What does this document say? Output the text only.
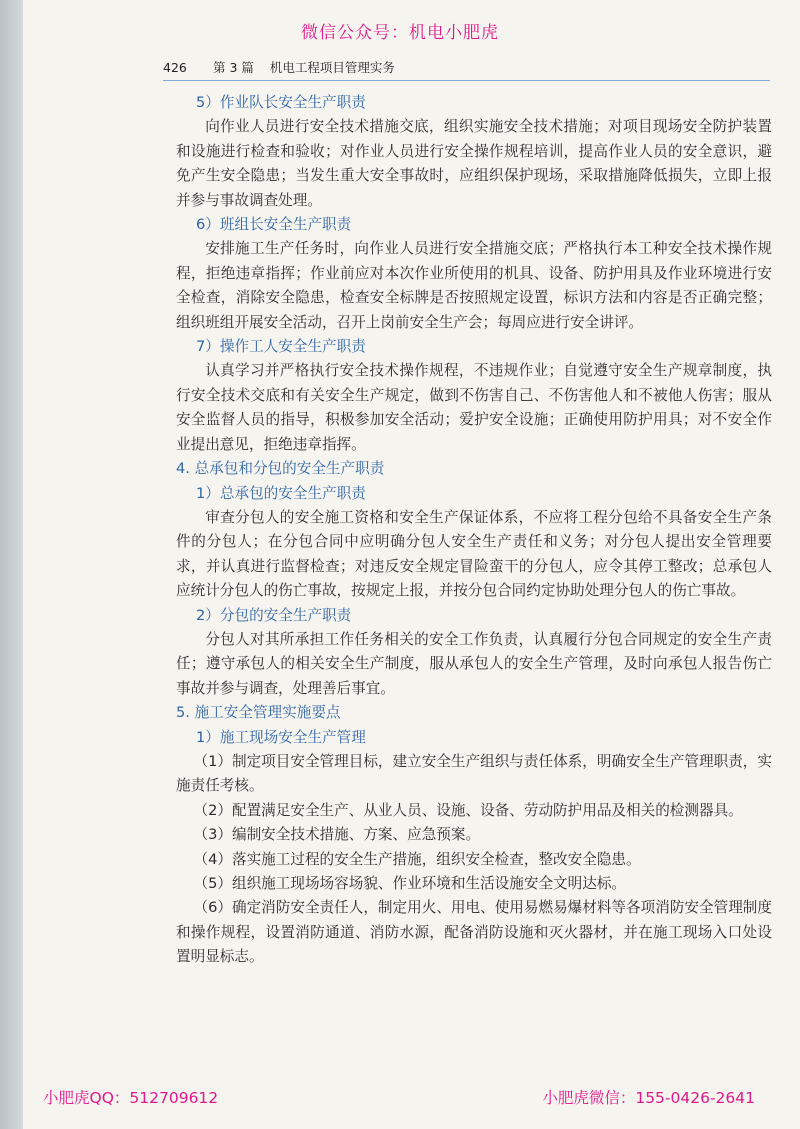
微信公众号：机电小肥虎
426 第 3 篇 机电工程项目管理实务
5）作业队长安全生产职责
向作业人员进行安全技术措施交底，组织实施安全技术措施；对项目现场安全防护装置和设施进行检查和验收；对作业人员进行安全操作规程培训，提高作业人员的安全意识，避免产生安全隐患；当发生重大安全事故时，应组织保护现场，采取措施降低损失，立即上报并参与事故调查处理。
6）班组长安全生产职责
安排施工生产任务时，向作业人员进行安全措施交底；严格执行本工种安全技术操作规程，拒绝违章指挥；作业前应对本次作业所使用的机具、设备、防护用具及作业环境进行安全检查，消除安全隐患，检查安全标牌是否按照规定设置，标识方法和内容是否正确完整；组织班组开展安全活动，召开上岗前安全生产会；每周应进行安全讲评。
7）操作工人安全生产职责
认真学习并严格执行安全技术操作规程，不违规作业；自觉遵守安全生产规章制度，执行安全技术交底和有关安全生产规定，做到不伤害自己、不伤害他人和不被他人伤害；服从安全监督人员的指导，积极参加安全活动；爱护安全设施；正确使用防护用具；对不安全作业提出意见，拒绝违章指挥。
4. 总承包和分包的安全生产职责
1）总承包的安全生产职责
审查分包人的安全施工资格和安全生产保证体系，不应将工程分包给不具备安全生产条件的分包人；在分包合同中应明确分包人安全生产责任和义务；对分包人提出安全管理要求，并认真进行监督检查；对违反安全规定冒险蛮干的分包人，应令其停工整改；总承包人应统计分包人的伤亡事故，按规定上报，并按分包合同约定协助处理分包人的伤亡事故。
2）分包的安全生产职责
分包人对其所承担工作任务相关的安全工作负责，认真履行分包合同规定的安全生产责任；遵守承包人的相关安全生产制度，服从承包人的安全生产管理，及时向承包人报告伤亡事故并参与调查，处理善后事宜。
5. 施工安全管理实施要点
1）施工现场安全生产管理
（1）制定项目安全管理目标，建立安全生产组织与责任体系，明确安全生产管理职责，实施责任考核。
（2）配置满足安全生产、从业人员、设施、设备、劳动防护用品及相关的检测器具。
（3）编制安全技术措施、方案、应急预案。
（4）落实施工过程的安全生产措施，组织安全检查，整改安全隐患。
（5）组织施工现场场容场貌、作业环境和生活设施安全文明达标。
（6）确定消防安全责任人，制定用火、用电、使用易燃易爆材料等各项消防安全管理制度和操作规程，设置消防通道、消防水源，配备消防设施和灭火器材，并在施工现场入口处设置明显标志。
小肥虎QQ：512709612	小肥虎微信：155-0426-2641
